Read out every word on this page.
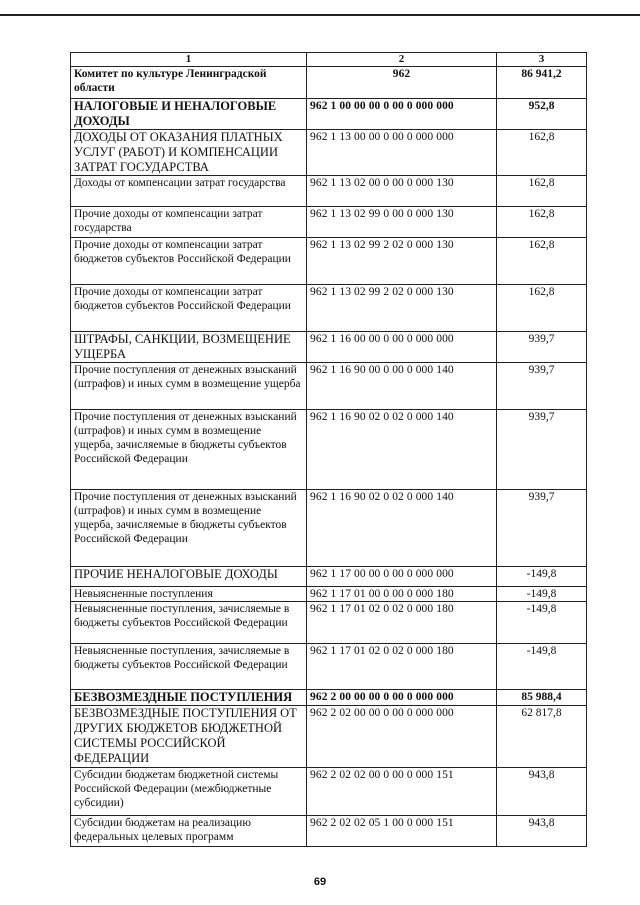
1	2	3
Комитет по культуре Ленинградской области	962	86 941,2
НАЛОГОВЫЕ И НЕНАЛОГОВЫЕ ДОХОДЫ	962 1 00 00 00 0 00 0 000 000	952,8
ДОХОДЫ ОТ ОКАЗАНИЯ ПЛАТНЫХ УСЛУГ (РАБОТ) И КОМПЕНСАЦИИ ЗАТРАТ ГОСУДАРСТВА	962 1 13 00 00 0 00 0 000 000	162,8
Доходы от компенсации затрат государства	962 1 13 02 00 0 00 0 000 130	162,8
Прочие доходы от компенсации затрат государства	962 1 13 02 99 0 00 0 000 130	162,8
Прочие доходы от компенсации затрат бюджетов субъектов Российской Федерации	962 1 13 02 99 2 02 0 000 130	162,8
Прочие доходы от компенсации затрат бюджетов субъектов Российской Федерации	962 1 13 02 99 2 02 0 000 130	162,8
ШТРАФЫ, САНКЦИИ, ВОЗМЕЩЕНИЕ УЩЕРБА	962 1 16 00 00 0 00 0 000 000	939,7
Прочие поступления от денежных взысканий (штрафов) и иных сумм в возмещение ущерба	962 1 16 90 00 0 00 0 000 140	939,7
Прочие поступления от денежных взысканий (штрафов) и иных сумм в возмещение ущерба, зачисляемые в бюджеты субъектов Российской Федерации	962 1 16 90 02 0 02 0 000 140	939,7
Прочие поступления от денежных взысканий (штрафов) и иных сумм в возмещение ущерба, зачисляемые в бюджеты субъектов Российской Федерации	962 1 16 90 02 0 02 0 000 140	939,7
ПРОЧИЕ НЕНАЛОГОВЫЕ ДОХОДЫ	962 1 17 00 00 0 00 0 000 000	-149,8
Невыясненные поступления	962 1 17 01 00 0 00 0 000 180	-149,8
Невыясненные поступления, зачисляемые в бюджеты субъектов Российской Федерации	962 1 17 01 02 0 02 0 000 180	-149,8
Невыясненные поступления, зачисляемые в бюджеты субъектов Российской Федерации	962 1 17 01 02 0 02 0 000 180	-149,8
БЕЗВОЗМЕЗДНЫЕ ПОСТУПЛЕНИЯ	962 2 00 00 00 0 00 0 000 000	85 988,4
БЕЗВОЗМЕЗДНЫЕ ПОСТУПЛЕНИЯ ОТ ДРУГИХ БЮДЖЕТОВ БЮДЖЕТНОЙ СИСТЕМЫ РОССИЙСКОЙ ФЕДЕРАЦИИ	962 2 02 00 00 0 00 0 000 000	62 817,8
Субсидии бюджетам бюджетной системы Российской Федерации (межбюджетные субсидии)	962 2 02 02 00 0 00 0 000 151	943,8
Субсидии бюджетам на реализацию федеральных целевых программ	962 2 02 02 05 1 00 0 000 151	943,8
69
